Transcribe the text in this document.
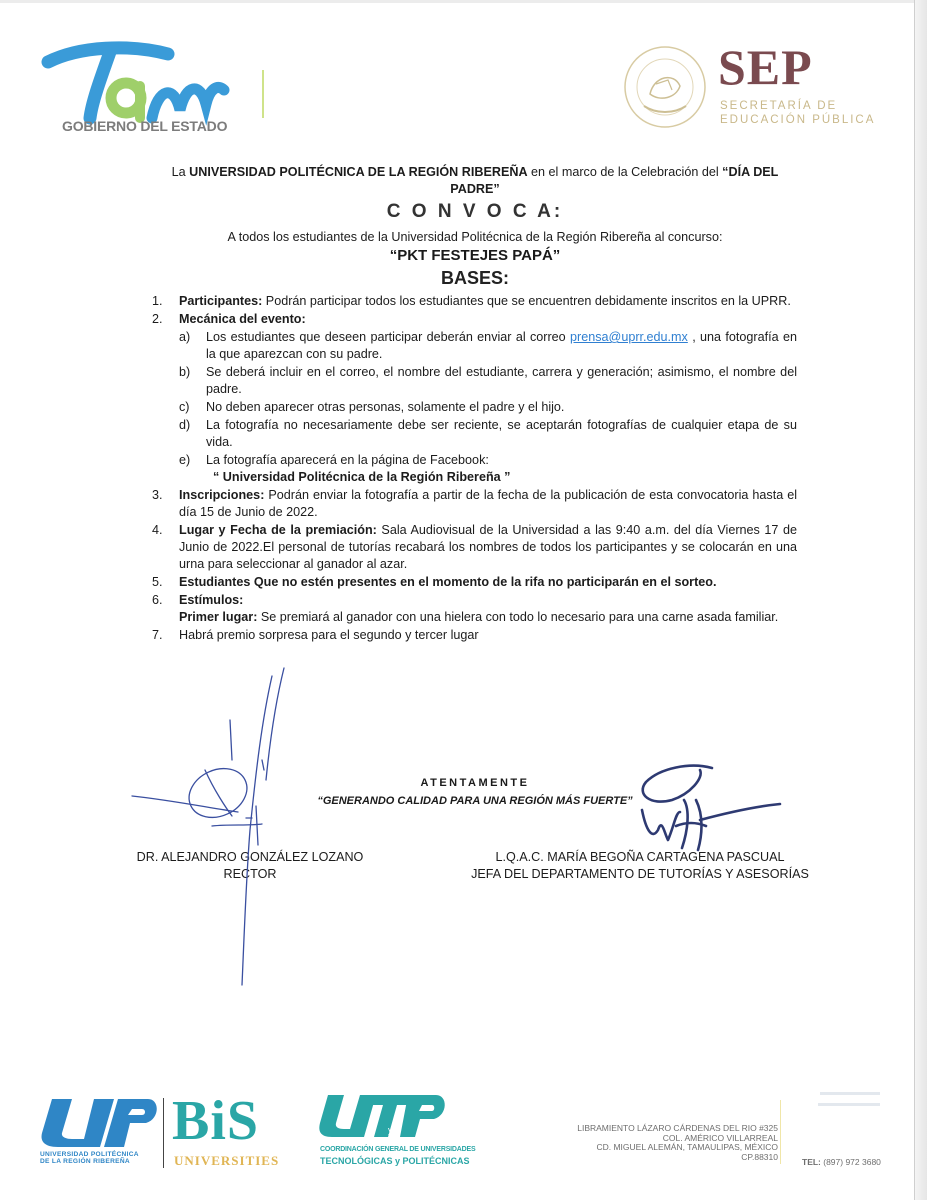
GOBIERNO DEL ESTADO
SEP
SECRETARÍA DE
EDUCACIÓN PÚBLICA
La UNIVERSIDAD POLITÉCNICA DE LA REGIÓN RIBEREÑA en el marco de la Celebración del “DÍA DEL PADRE”
C O N V O C A:
A todos los estudiantes de la Universidad Politécnica de la Región Ribereña al concurso:
“PKT FESTEJES PAPÁ”
BASES:
1. Participantes: Podrán participar todos los estudiantes que se encuentren debidamente inscritos en la UPRR.
2. Mecánica del evento:
a) Los estudiantes que deseen participar deberán enviar al correo prensa@uprr.edu.mx , una fotografía en la que aparezcan con su padre.
b) Se deberá incluir en el correo, el nombre del estudiante, carrera y generación; asimismo, el nombre del padre.
c) No deben aparecer otras personas, solamente el padre y el hijo.
d) La fotografía no necesariamente debe ser reciente, se aceptarán fotografías de cualquier etapa de su vida.
e) La fotografía aparecerá en la página de Facebook:
“ Universidad Politécnica de la Región Ribereña ”
3. Inscripciones: Podrán enviar la fotografía a partir de la fecha de la publicación de esta convocatoria hasta el día 15 de Junio de 2022.
4. Lugar y Fecha de la premiación: Sala Audiovisual de la Universidad a las 9:40 a.m. del día Viernes 17 de Junio de 2022.El personal de tutorías recabará los nombres de todos los participantes y se colocarán en una urna para seleccionar al ganador al azar.
5. Estudiantes Que no estén presentes en el momento de la rifa no participarán en el sorteo.
6. Estímulos:
Primer lugar: Se premiará al ganador con una hielera con todo lo necesario para una carne asada familiar.
7. Habrá premio sorpresa para el segundo y tercer lugar
ATENTAMENTE
“GENERANDO CALIDAD PARA UNA REGIÓN MÁS FUERTE”
DR. ALEJANDRO GONZÁLEZ LOZANO
RECTOR
L.Q.A.C. MARÍA BEGOÑA CARTAGENA PASCUAL
JEFA DEL DEPARTAMENTO DE TUTORÍAS Y ASESORÍAS
UNIVERSIDAD POLITÉCNICA
DE LA REGIÓN RIBEREÑA
BiS
UNIVERSITIES
y
COORDINACIÓN GENERAL DE UNIVERSIDADES
TECNOLÓGICAS y POLITÉCNICAS
LIBRAMIENTO LÁZARO CÁRDENAS DEL RIO #325
COL. AMÉRICO VILLARREAL
CD. MIGUEL ALEMÁN, TAMAULIPAS, MÉXICO
CP.88310
TEL: (897) 972 3680
